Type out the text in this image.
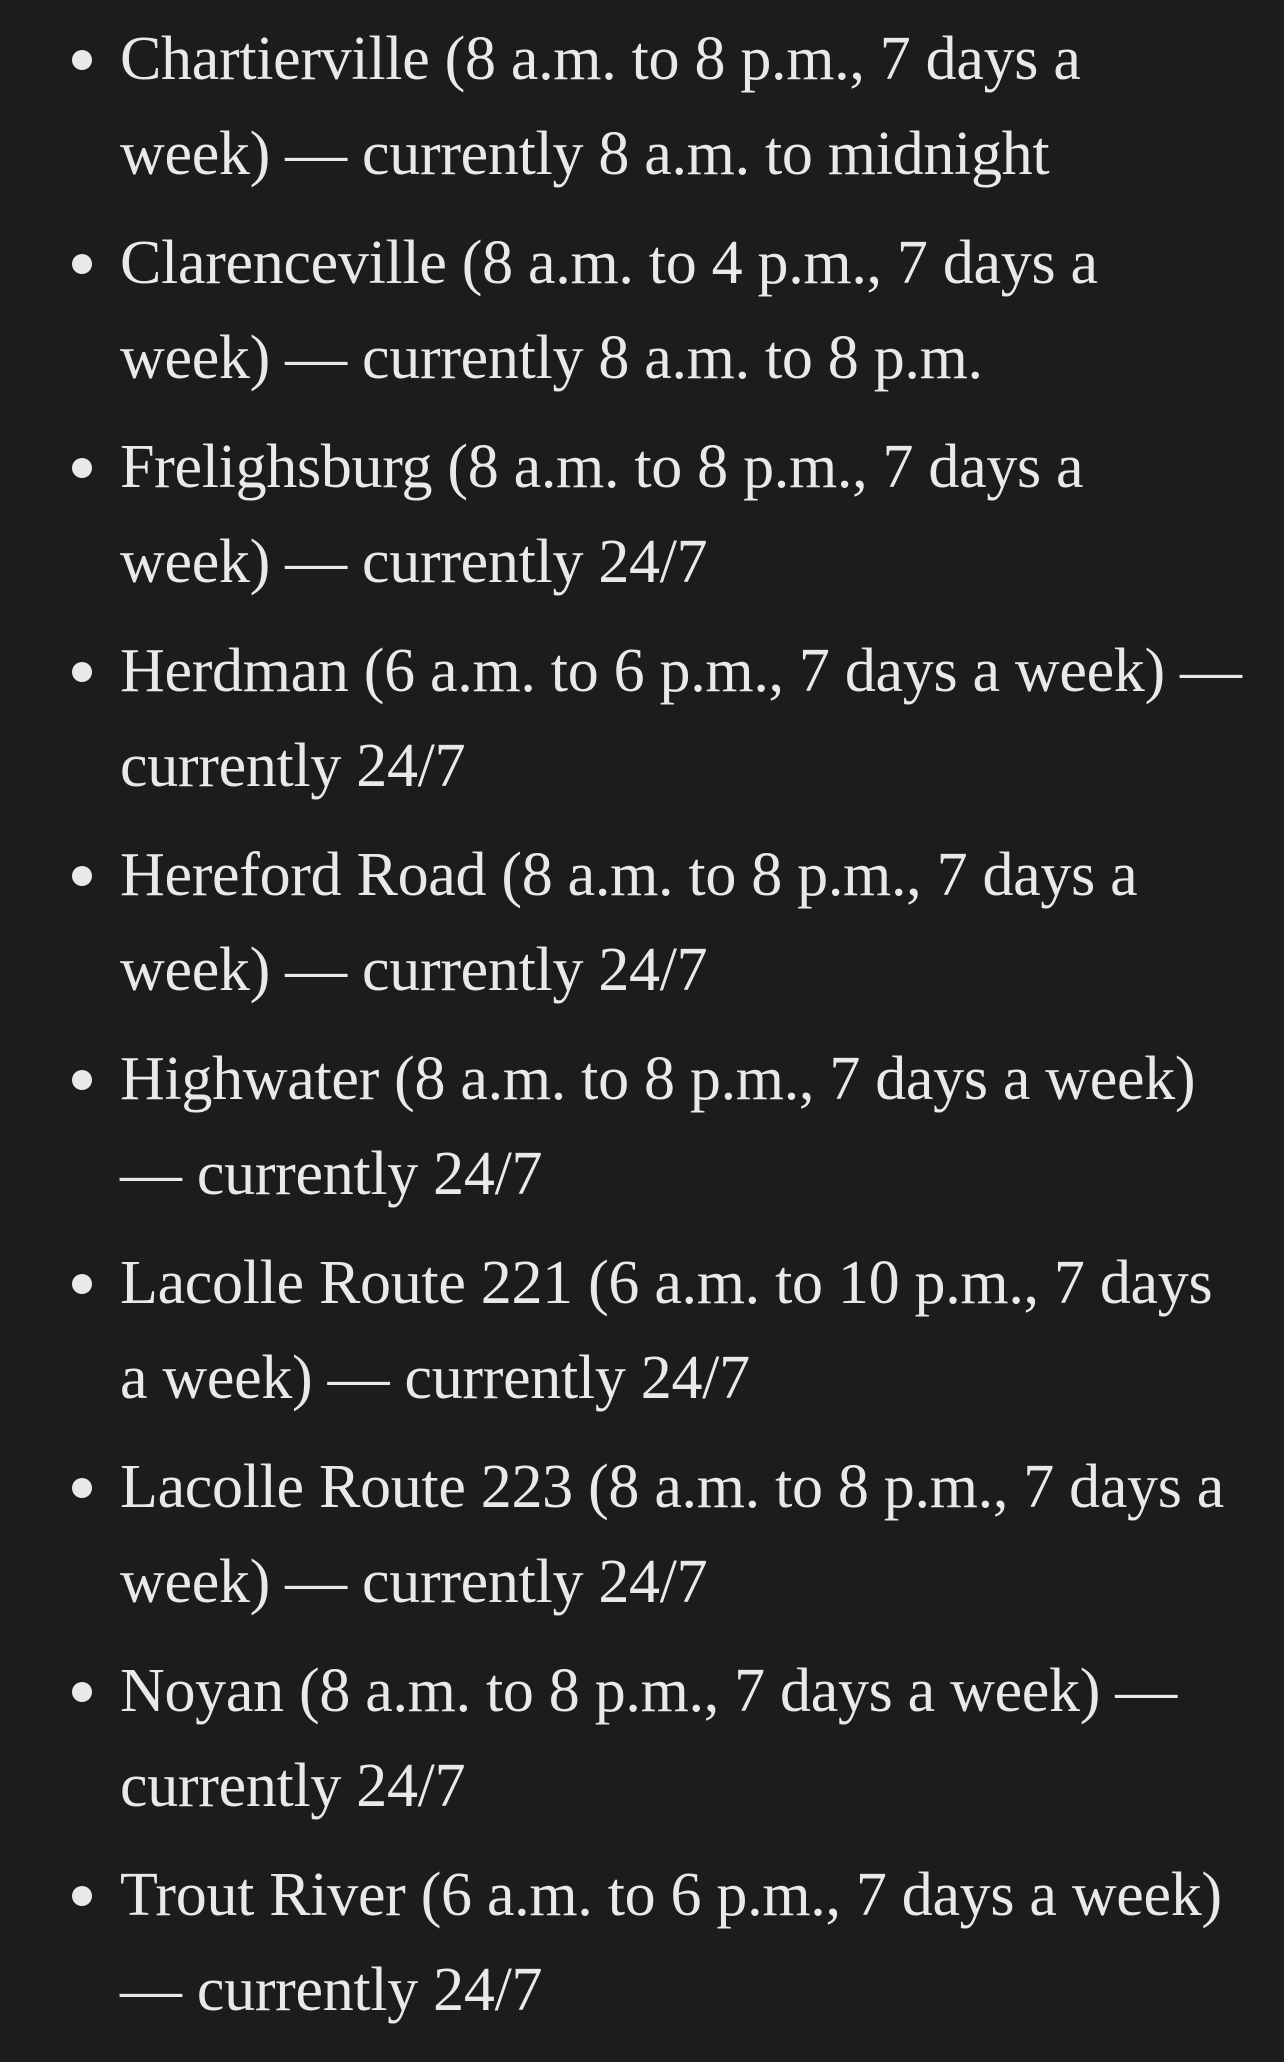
Chartierville (8 a.m. to 8 p.m., 7 days a week) — currently 8 a.m. to midnight
Clarenceville (8 a.m. to 4 p.m., 7 days a week) — currently 8 a.m. to 8 p.m.
Frelighsburg (8 a.m. to 8 p.m., 7 days a week) — currently 24/7
Herdman (6 a.m. to 6 p.m., 7 days a week) — currently 24/7
Hereford Road (8 a.m. to 8 p.m., 7 days a week) — currently 24/7
Highwater (8 a.m. to 8 p.m., 7 days a week) — currently 24/7
Lacolle Route 221 (6 a.m. to 10 p.m., 7 days a week) — currently 24/7
Lacolle Route 223 (8 a.m. to 8 p.m., 7 days a week) — currently 24/7
Noyan (8 a.m. to 8 p.m., 7 days a week) — currently 24/7
Trout River (6 a.m. to 6 p.m., 7 days a week) — currently 24/7
